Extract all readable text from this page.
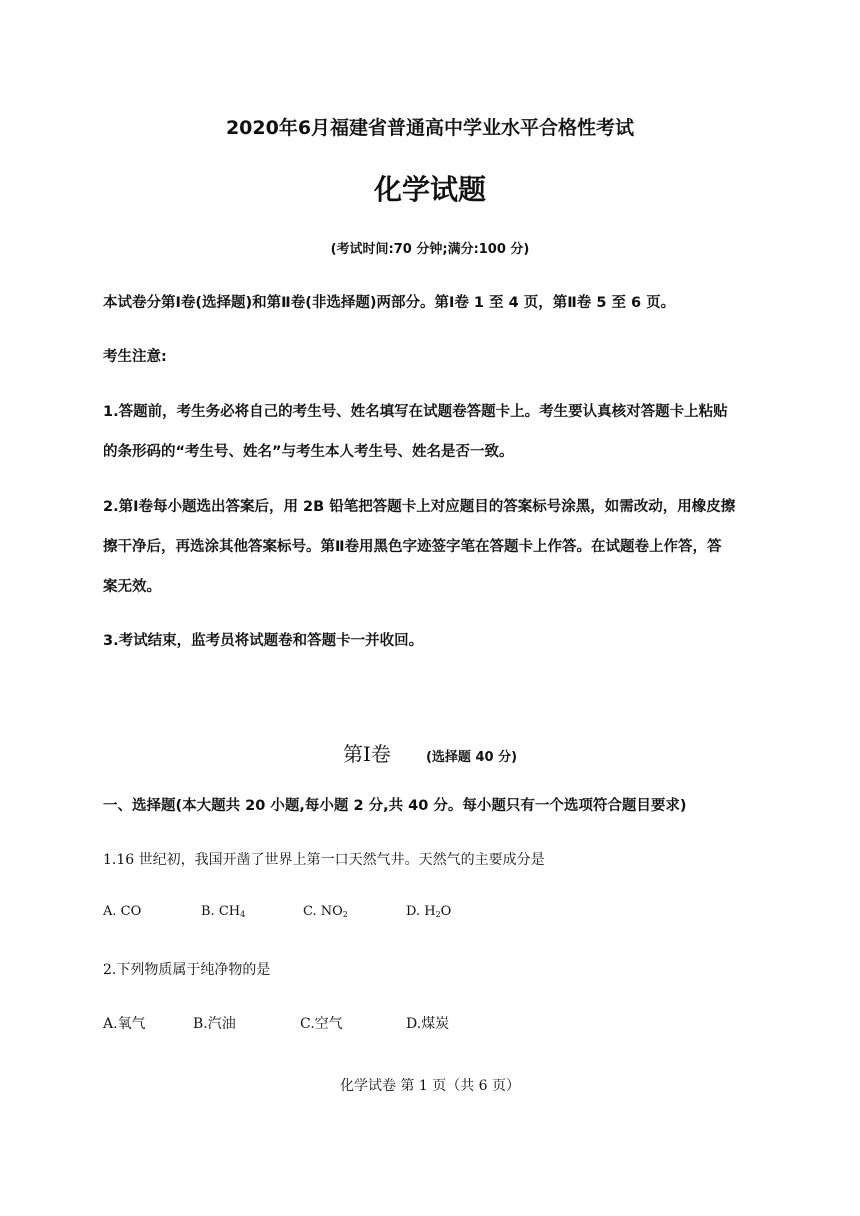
2020年6月福建省普通高中学业水平合格性考试
化学试题
(考试时间:70 分钟;满分:100 分)
本试卷分第Ⅰ卷(选择题)和第Ⅱ卷(非选择题)两部分。第Ⅰ卷 1 至 4 页，第Ⅱ卷 5 至 6 页。
考生注意:
1.答题前，考生务必将自己的考生号、姓名填写在试题卷答题卡上。考生要认真核对答题卡上粘贴
的条形码的“考生号、姓名”与考生本人考生号、姓名是否一致。
2.第Ⅰ卷每小题选出答案后，用 2B 铅笔把答题卡上对应题目的答案标号涂黑，如需改动，用橡皮擦
擦干净后，再选涂其他答案标号。第Ⅱ卷用黑色字迹签字笔在答题卡上作答。在试题卷上作答，答
案无效。
3.考试结束，监考员将试题卷和答题卡一并收回。
第Ⅰ卷	(选择题 40 分)
一、选择题(本大题共 20 小题,每小题 2 分,共 40 分。每小题只有一个选项符合题目要求)
1.16 世纪初，我国开凿了世界上第一口天然气井。天然气的主要成分是
A. CO	B. $CH_4$	C. $NO_2$	D. $H_2O$
2.下列物质属于纯净物的是
A.氧气	B.汽油	C.空气	D.煤炭
化学试卷 第 1 页（共 6 页）
